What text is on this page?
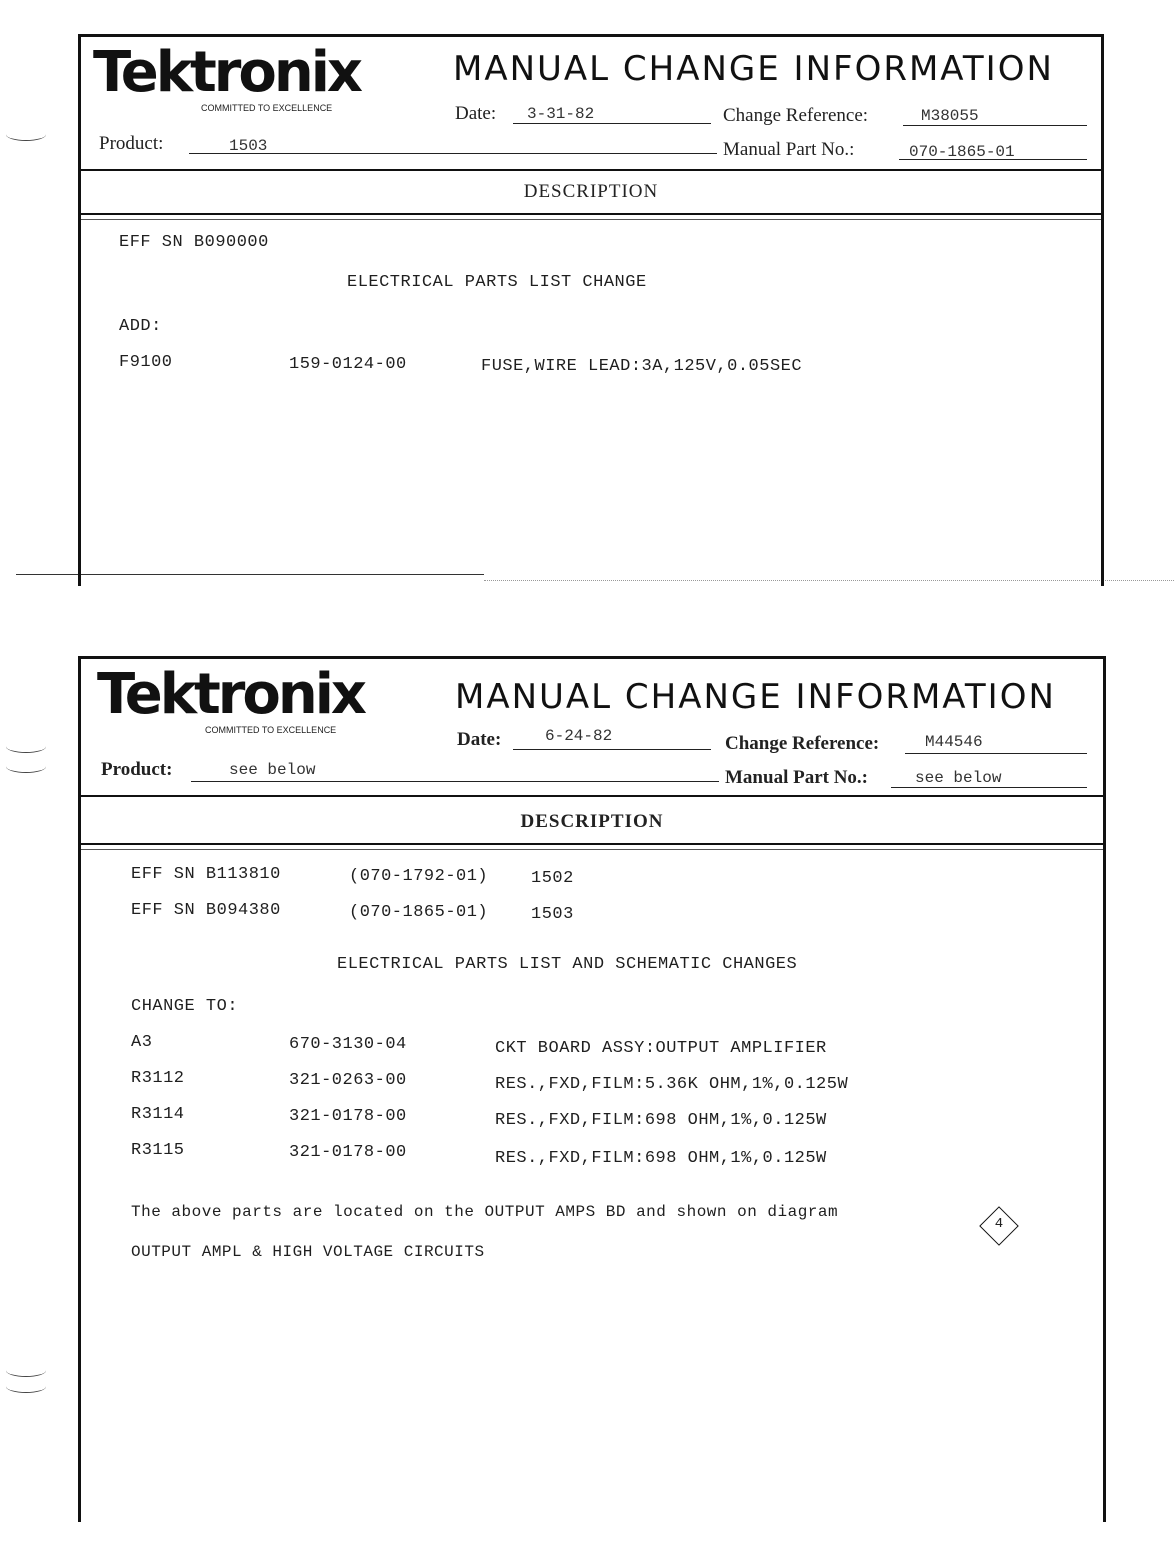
Tektronix
COMMITTED TO EXCELLENCE
MANUAL CHANGE INFORMATION
Date: 3-31-82	Change Reference:	M38055
Product:	1503	Manual Part No.:	070-1865-01
DESCRIPTION
EFF SN B090000
ELECTRICAL PARTS LIST CHANGE
ADD:
F9100	159-0124-00	FUSE,WIRE LEAD:3A,125V,0.05SEC
Tektronix
COMMITTED TO EXCELLENCE
MANUAL CHANGE INFORMATION
Date:	6-24-82	Change Reference:	M44546
Product:	see below	Manual Part No.:	see below
DESCRIPTION
EFF SN B113810	(070-1792-01)	1502
EFF SN B094380	(070-1865-01)	1503
ELECTRICAL PARTS LIST AND SCHEMATIC CHANGES
CHANGE TO:
A3	670-3130-04	CKT BOARD ASSY:OUTPUT AMPLIFIER
R3112	321-0263-00	RES.,FXD,FILM:5.36K OHM,1%,0.125W
R3114	321-0178-00	RES.,FXD,FILM:698 OHM,1%,0.125W
R3115	321-0178-00	RES.,FXD,FILM:698 OHM,1%,0.125W
The above parts are located on the OUTPUT AMPS BD and shown on diagram
4
OUTPUT AMPL & HIGH VOLTAGE CIRCUITS
